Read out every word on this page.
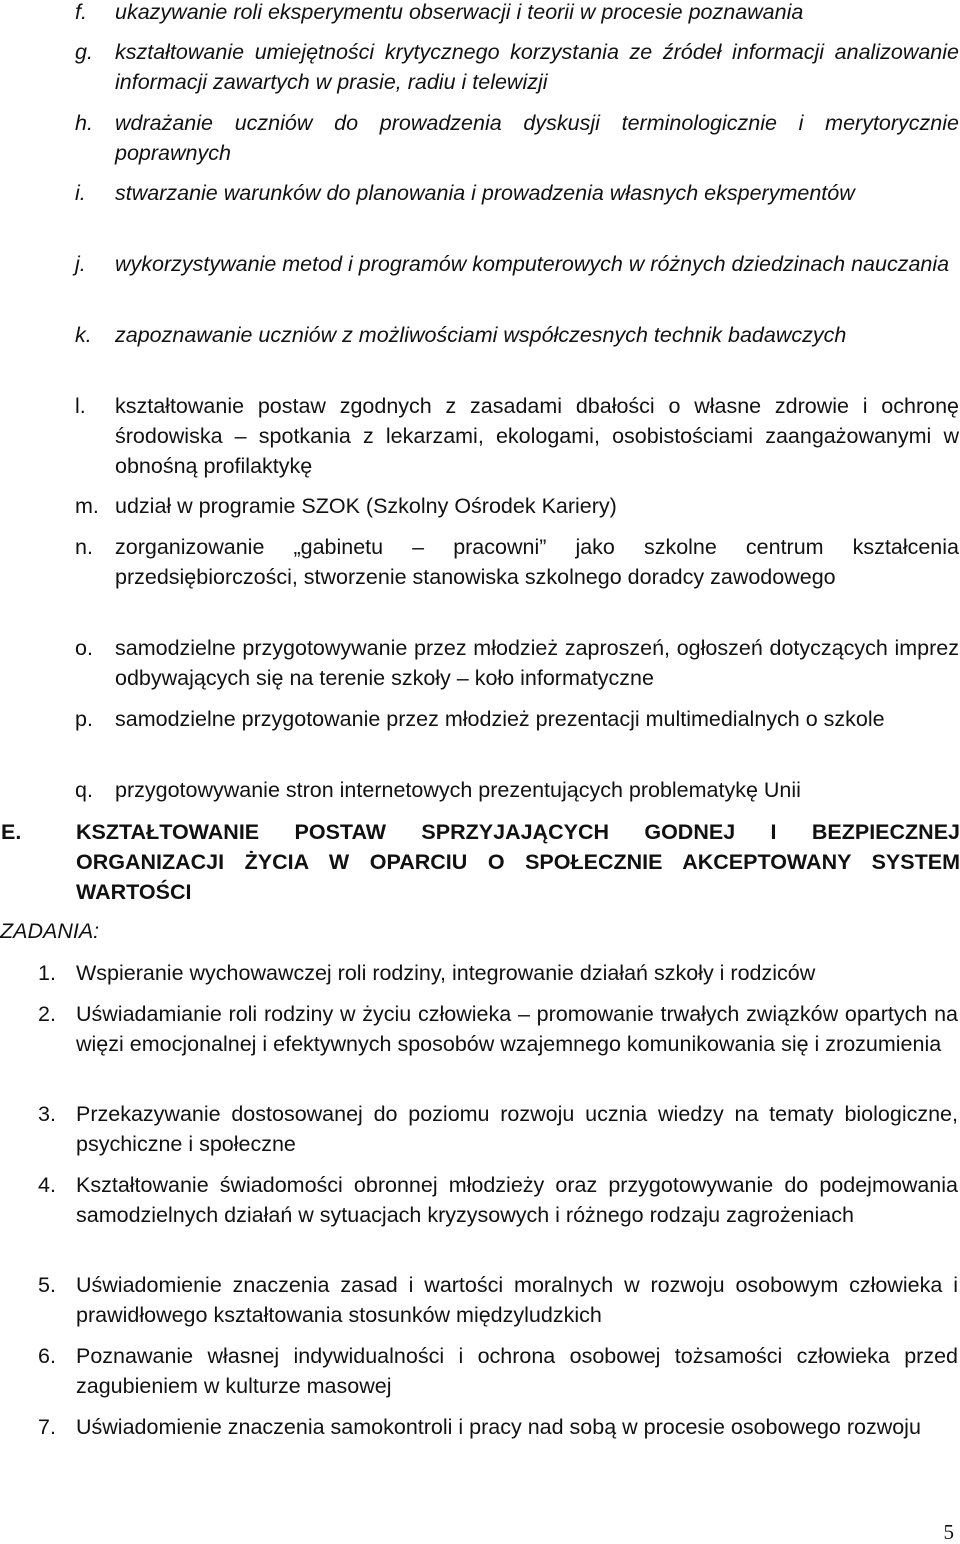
f.	ukazywanie roli eksperymentu obserwacji i teorii w procesie poznawania
g.	kształtowanie umiejętności krytycznego korzystania ze źródeł informacji analizowanie informacji zawartych w prasie, radiu i telewizji
h.	wdrażanie uczniów do prowadzenia dyskusji terminologicznie i merytorycznie poprawnych
i.	stwarzanie warunków do planowania i prowadzenia własnych eksperymentów
j.	wykorzystywanie metod i programów komputerowych w różnych dziedzinach nauczania
k.	zapoznawanie uczniów z możliwościami współczesnych technik badawczych
l.	kształtowanie postaw zgodnych z zasadami dbałości o własne zdrowie i ochronę środowiska – spotkania z lekarzami, ekologami, osobistościami zaangażowanymi w obnośną profilaktykę
m. udział w programie SZOK (Szkolny Ośrodek Kariery)
n.	zorganizowanie „gabinetu – pracowni” jako szkolne centrum kształcenia przedsiębiorczości, stworzenie stanowiska szkolnego doradcy zawodowego
o.	samodzielne przygotowywanie przez młodzież zaproszeń, ogłoszeń dotyczących imprez odbywających się na terenie szkoły – koło informatyczne
p.	samodzielne przygotowanie przez młodzież prezentacji multimedialnych o szkole
q.	przygotowywanie stron internetowych prezentujących problematykę Unii
E.	KSZTAŁTOWANIE POSTAW SPRZYJAJĄCYCH GODNEJ I BEZPIECZNEJ ORGANIZACJI ŻYCIA W OPARCIU O SPOŁECZNIE AKCEPTOWANY SYSTEM WARTOŚCI
ZADANIA:
1. Wspieranie wychowawczej roli rodziny, integrowanie działań szkoły i rodziców
2. Uświadamianie roli rodziny w życiu człowieka – promowanie trwałych związków opartych na więzi emocjonalnej i efektywnych sposobów wzajemnego komunikowania się i zrozumienia
3. Przekazywanie dostosowanej do poziomu rozwoju ucznia wiedzy na tematy biologiczne, psychiczne i społeczne
4. Kształtowanie świadomości obronnej młodzieży oraz przygotowywanie do podejmowania samodzielnych działań w sytuacjach kryzysowych i różnego rodzaju zagrożeniach
5. Uświadomienie znaczenia zasad i wartości moralnych w rozwoju osobowym człowieka i prawidłowego kształtowania stosunków międzyludzkich
6. Poznawanie własnej indywidualności i ochrona osobowej tożsamości człowieka przed zagubieniem w kulturze masowej
7. Uświadomienie znaczenia samokontroli i pracy nad sobą w procesie osobowego rozwoju
5
